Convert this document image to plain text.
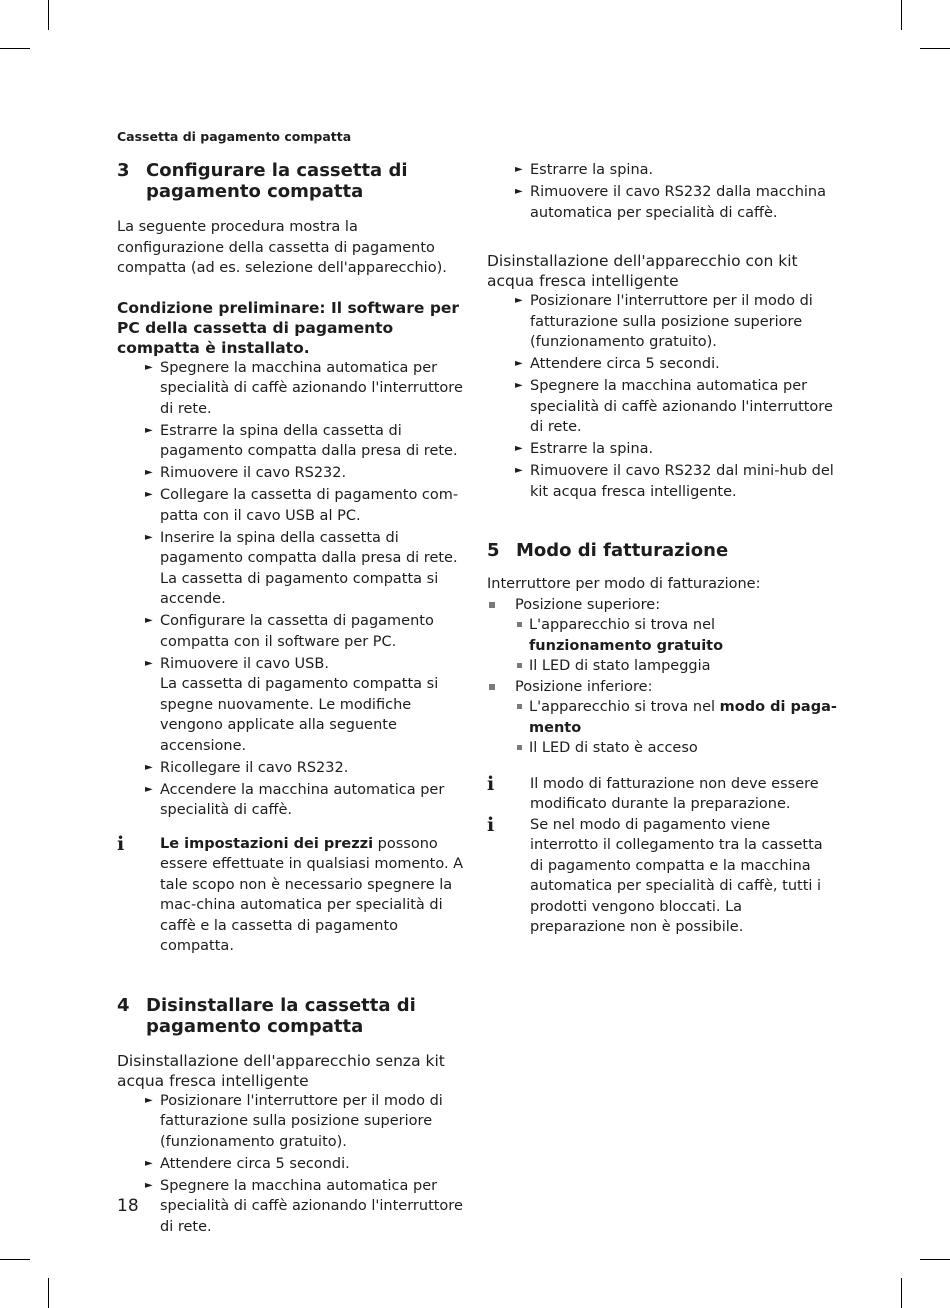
Cassetta di pagamento compatta
3 Configurare la cassetta di pagamento compatta

La seguente procedura mostra la configurazione della cassetta di pagamento compatta (ad es. selezione dell'apparecchio).

Condizione preliminare: Il software per PC della cassetta di pagamento compatta è installato.
► Spegnere la macchina automatica per specialità di caffè azionando l'interruttore di rete.
► Estrarre la spina della cassetta di pagamento compatta dalla presa di rete.
► Rimuovere il cavo RS232.
► Collegare la cassetta di pagamento com-patta con il cavo USB al PC.
► Inserire la spina della cassetta di pagamento compatta dalla presa di rete.
La cassetta di pagamento compatta si accende.
► Configurare la cassetta di pagamento compatta con il software per PC.
► Rimuovere il cavo USB.
La cassetta di pagamento compatta si spegne nuovamente. Le modifiche vengono applicate alla seguente accensione.
► Ricollegare il cavo RS232.
► Accendere la macchina automatica per specialità di caffè.
i Le impostazioni dei prezzi possono essere effettuate in qualsiasi momento. A tale scopo non è necessario spegnere la mac-china automatica per specialità di caffè e la cassetta di pagamento compatta.
4 Disinstallare la cassetta di pagamento compatta
Disinstallazione dell'apparecchio senza kit acqua fresca intelligente
► Posizionare l'interruttore per il modo di fatturazione sulla posizione superiore (funzionamento gratuito).
► Attendere circa 5 secondi.
► Spegnere la macchina automatica per specialità di caffè azionando l'interruttore di rete.
► Estrarre la spina.
► Rimuovere il cavo RS232 dalla macchina automatica per specialità di caffè.
Disinstallazione dell'apparecchio con kit acqua fresca intelligente
► Posizionare l'interruttore per il modo di fatturazione sulla posizione superiore (funzionamento gratuito).
► Attendere circa 5 secondi.
► Spegnere la macchina automatica per specialità di caffè azionando l'interruttore di rete.
► Estrarre la spina.
► Rimuovere il cavo RS232 dal mini-hub del kit acqua fresca intelligente.
5 Modo di fatturazione

Interruttore per modo di fatturazione:

Posizione superiore:
L'apparecchio si trova nel funzionamento gratuito
Il LED di stato lampeggia
Posizione inferiore:
L'apparecchio si trova nel modo di paga-mento
Il LED di stato è acceso
i Il modo di fatturazione non deve essere modificato durante la preparazione.
i Se nel modo di pagamento viene interrotto il collegamento tra la cassetta di pagamento compatta e la macchina automatica per specialità di caffè, tutti i prodotti vengono bloccati. La preparazione non è possibile.
18
